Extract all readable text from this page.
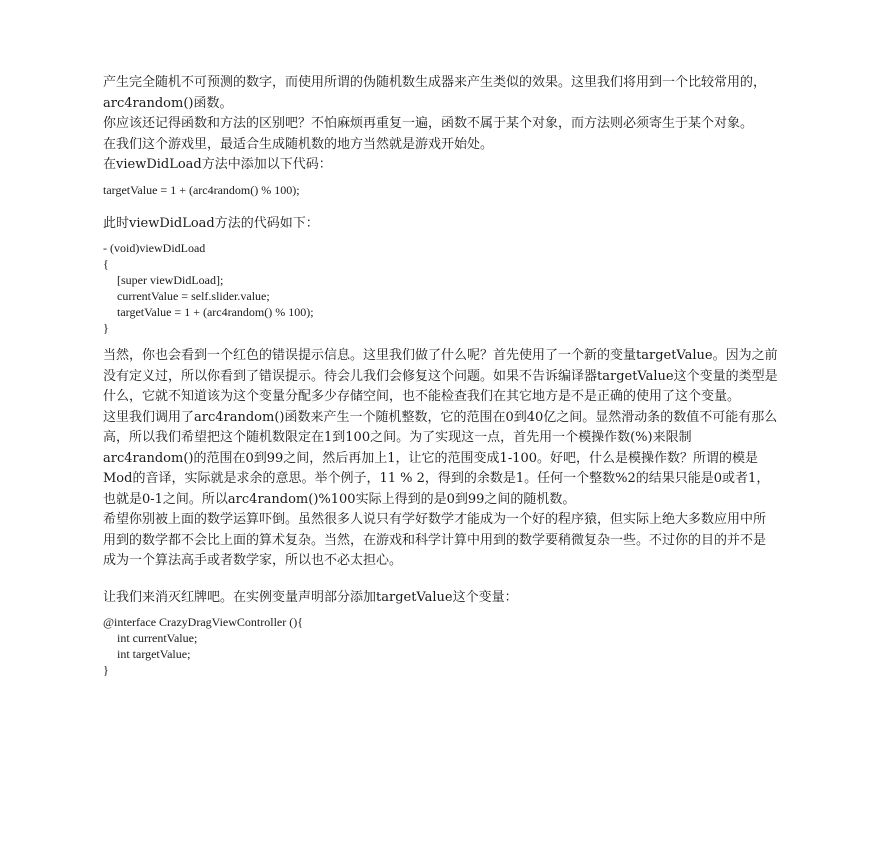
产生完全随机不可预测的数字，而使用所谓的伪随机数生成器来产生类似的效果。这里我们将用到一个比较常用的，arc4random()函数。

你应该还记得函数和方法的区别吧？不怕麻烦再重复一遍，函数不属于某个对象，而方法则必须寄生于某个对象。

在我们这个游戏里，最适合生成随机数的地方当然就是游戏开始处。

在viewDidLoad方法中添加以下代码：

targetValue = 1 + (arc4random() % 100);

此时viewDidLoad方法的代码如下：

- (void)viewDidLoad

{

[super viewDidLoad];

currentValue = self.slider.value;

targetValue = 1 + (arc4random() % 100);

}

当然，你也会看到一个红色的错误提示信息。这里我们做了什么呢？首先使用了一个新的变量targetValue。因为之前没有定义过，所以你看到了错误提示。待会儿我们会修复这个问题。如果不告诉编译器targetValue这个变量的类型是什么，它就不知道该为这个变量分配多少存储空间，也不能检查我们在其它地方是不是正确的使用了这个变量。

这里我们调用了arc4random()函数来产生一个随机整数，它的范围在0到40亿之间。显然滑动条的数值不可能有那么高，所以我们希望把这个随机数限定在1到100之间。为了实现这一点，首先用一个模操作数(%)来限制arc4random()的范围在0到99之间，然后再加上1，让它的范围变成1-100。好吧，什么是模操作数？所谓的模是Mod的音译，实际就是求余的意思。举个例子，11 % 2，得到的余数是1。任何一个整数%2的结果只能是0或者1，也就是0-1之间。所以arc4random()%100实际上得到的是0到99之间的随机数。

希望你别被上面的数学运算吓倒。虽然很多人说只有学好数学才能成为一个好的程序猿，但实际上绝大多数应用中所用到的数学都不会比上面的算术复杂。当然，在游戏和科学计算中用到的数学要稍微复杂一些。不过你的目的并不是成为一个算法高手或者数学家，所以也不必太担心。

让我们来消灭红牌吧。在实例变量声明部分添加targetValue这个变量：

@interface CrazyDragViewController (){

int currentValue;

int targetValue;

}
